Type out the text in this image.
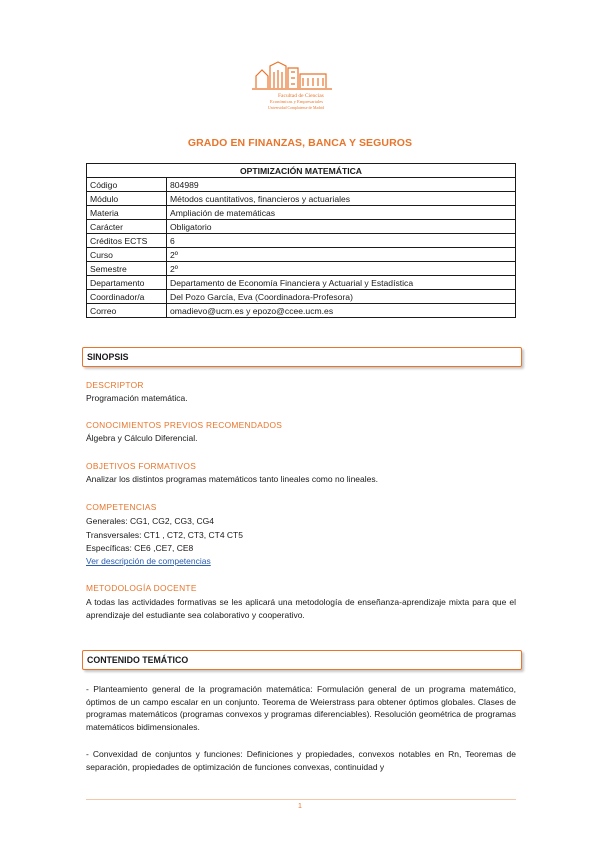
Facultad de Ciencias
Económicas y Empresariales
Universidad Complutense de Madrid
GRADO EN FINANZAS, BANCA Y SEGUROS
OPTIMIZACIÓN MATEMÁTICA	
Código	804989
Módulo	Métodos cuantitativos, financieros y actuariales
Materia	Ampliación de matemáticas
Carácter	Obligatorio
Créditos ECTS	6
Curso	2º
Semestre	2º
Departamento	Departamento de Economía Financiera y Actuarial y Estadística
Coordinador/a	Del Pozo García, Eva (Coordinadora-Profesora)
Correo	omadievo@ucm.es y epozo@ccee.ucm.es
SINOPSIS
DESCRIPTOR
Programación matemática.
CONOCIMIENTOS PREVIOS RECOMENDADOS
Álgebra y Cálculo Diferencial.
OBJETIVOS FORMATIVOS
Analizar los distintos programas matemáticos tanto lineales como no lineales.
COMPETENCIAS
Generales: CG1, CG2, CG3, CG4
Transversales: CT1 , CT2, CT3, CT4 CT5
Específicas: CE6 ,CE7, CE8
Ver descripción de competencias
METODOLOGÍA DOCENTE
A todas las actividades formativas se les aplicará una metodología de enseñanza-aprendizaje mixta para que el aprendizaje del estudiante sea colaborativo y cooperativo.
CONTENIDO TEMÁTICO
- Planteamiento general de la programación matemática: Formulación general de un programa matemático, óptimos de un campo escalar en un conjunto. Teorema de Weierstrass para obtener óptimos globales. Clases de programas matemáticos (programas convexos y programas diferenciables). Resolución geométrica de programas matemáticos bidimensionales.
- Convexidad de conjuntos y funciones: Definiciones y propiedades, convexos notables en Rn, Teoremas de separación, propiedades de optimización de funciones convexas, continuidad y
1
